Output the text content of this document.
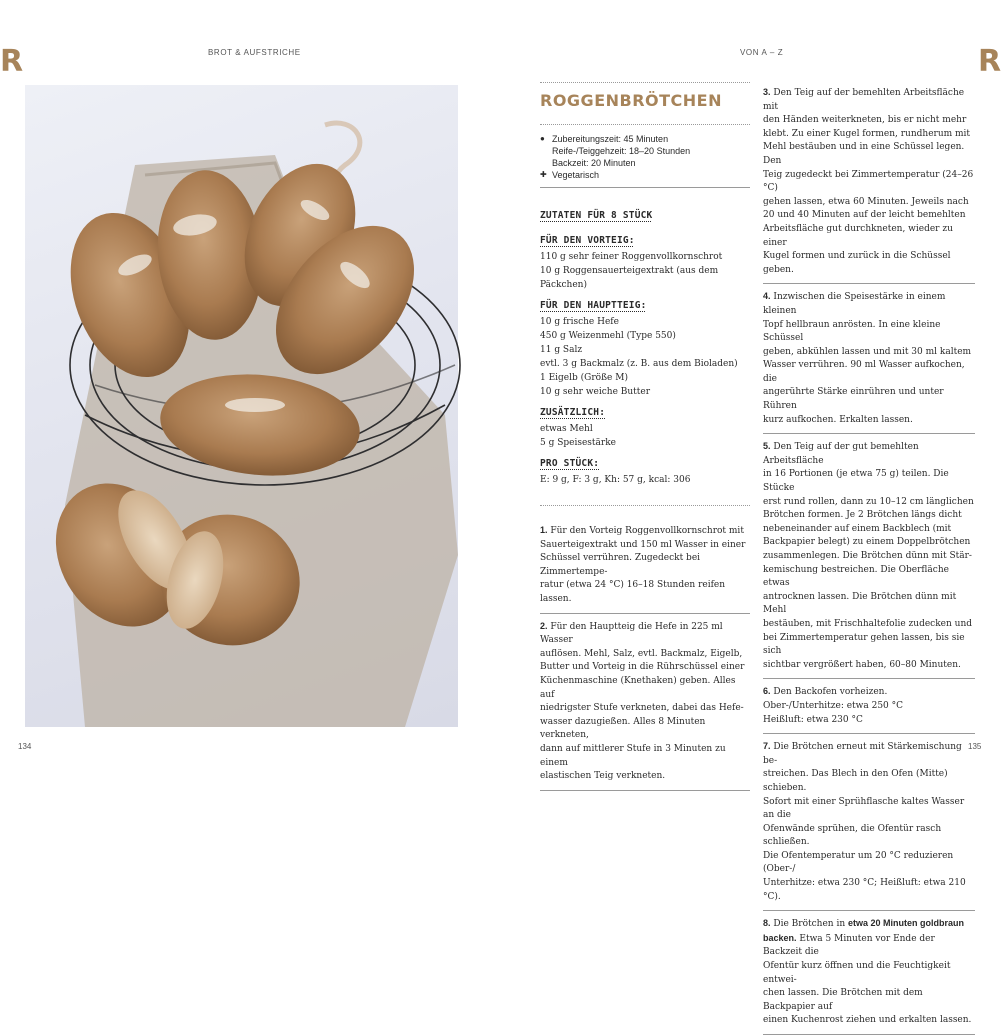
R	R
BROT & AUFSTRICHE	VON A – Z
134	135
ROGGENBRÖTCHEN
● Zubereitungszeit: 45 Minuten
Reife-/Teiggehzeit: 18–20 Stunden
Backzeit: 20 Minuten
✚ Vegetarisch
ZUTATEN FÜR 8 STÜCK
FÜR DEN VORTEIG:
110 g sehr feiner Roggenvollkornschrot
10 g Roggensauerteigextrakt (aus dem Päckchen)
FÜR DEN HAUPTTEIG:
10 g frische Hefe
450 g Weizenmehl (Type 550)
11 g Salz
evtl. 3 g Backmalz (z. B. aus dem Bioladen)
1 Eigelb (Größe M)
10 g sehr weiche Butter
ZUSÄTZLICH:
etwas Mehl
5 g Speisestärke
PRO STÜCK:
E: 9 g, F: 3 g, Kh: 57 g, kcal: 306
1. Für den Vorteig Roggenvollkornschrot mit
Sauerteigextrakt und 150 ml Wasser in einer
Schüssel verrühren. Zugedeckt bei Zimmertempe-
ratur (etwa 24 °C) 16–18 Stunden reifen lassen.
2. Für den Hauptteig die Hefe in 225 ml Wasser
auflösen. Mehl, Salz, evtl. Backmalz, Eigelb,
Butter und Vorteig in die Rührschüssel einer
Küchenmaschine (Knethaken) geben. Alles auf
niedrigster Stufe verkneten, dabei das Hefe-
wasser dazugießen. Alles 8 Minuten verkneten,
dann auf mittlerer Stufe in 3 Minuten zu einem
elastischen Teig verkneten.
3. Den Teig auf der bemehlten Arbeitsfläche mit
den Händen weiterkneten, bis er nicht mehr
klebt. Zu einer Kugel formen, rundherum mit
Mehl bestäuben und in eine Schüssel legen. Den
Teig zugedeckt bei Zimmertemperatur (24–26 °C)
gehen lassen, etwa 60 Minuten. Jeweils nach
20 und 40 Minuten auf der leicht bemehlten
Arbeitsfläche gut durchkneten, wieder zu einer
Kugel formen und zurück in die Schüssel geben.
4. Inzwischen die Speisestärke in einem kleinen
Topf hellbraun anrösten. In eine kleine Schüssel
geben, abkühlen lassen und mit 30 ml kaltem
Wasser verrühren. 90 ml Wasser aufkochen, die
angerührte Stärke einrühren und unter Rühren
kurz aufkochen. Erkalten lassen.
5. Den Teig auf der gut bemehlten Arbeitsfläche
in 16 Portionen (je etwa 75 g) teilen. Die Stücke
erst rund rollen, dann zu 10–12 cm länglichen
Brötchen formen. Je 2 Brötchen längs dicht
nebeneinander auf einem Backblech (mit
Backpapier belegt) zu einem Doppelbrötchen
zusammenlegen. Die Brötchen dünn mit Stär-
kemischung bestreichen. Die Oberfläche etwas
antrocknen lassen. Die Brötchen dünn mit Mehl
bestäuben, mit Frischhaltefolie zudecken und
bei Zimmertemperatur gehen lassen, bis sie sich
sichtbar vergrößert haben, 60–80 Minuten.
6. Den Backofen vorheizen.
Ober-/Unterhitze: etwa 250 °C
Heißluft: etwa 230 °C
7. Die Brötchen erneut mit Stärkemischung be-
streichen. Das Blech in den Ofen (Mitte) schieben.
Sofort mit einer Sprühflasche kaltes Wasser an die
Ofenwände sprühen, die Ofentür rasch schließen.
Die Ofentemperatur um 20 °C reduzieren (Ober-/
Unterhitze: etwa 230 °C; Heißluft: etwa 210 °C).
8. Die Brötchen in etwa 20 Minuten goldbraun
backen. Etwa 5 Minuten vor Ende der Backzeit die
Ofentür kurz öffnen und die Feuchtigkeit entwei-
chen lassen. Die Brötchen mit dem Backpapier auf
einen Kuchenrost ziehen und erkalten lassen.
